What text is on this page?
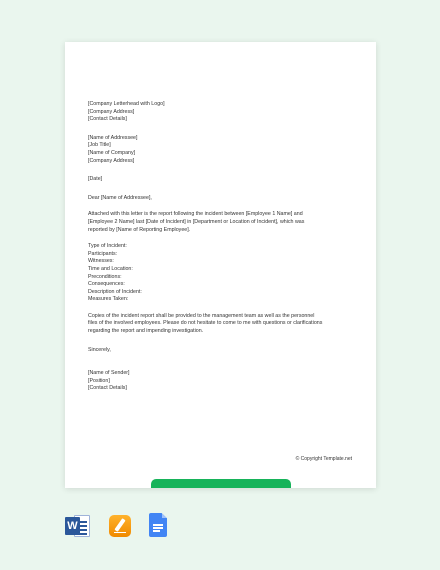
[Company Letterhead with Logo]
[Company Address]
[Contact Details]
[Name of Addressee]
[Job Title]
[Name of Company]
[Company Address]
[Date]
Dear [Name of Addressee],
Attached with this letter is the report following the incident between [Employee 1 Name] and
[Employee 2 Name] last [Date of Incident] in [Department or Location of Incident], which was
reported by [Name of Reporting Employee].
Type of Incident:
Participants:
Witnesses:
Time and Location:
Preconditions:
Consequences:
Description of Incident:
Measures Taken:
Copies of the incident report shall be provided to the management team as well as the personnel
files of the involved employees. Please do not hesitate to come to me with questions or clarifications
regarding the report and impending investigation.
Sincerely,
[Name of Sender]
[Position]
[Contact Details]
© Copyright Template.net
W
